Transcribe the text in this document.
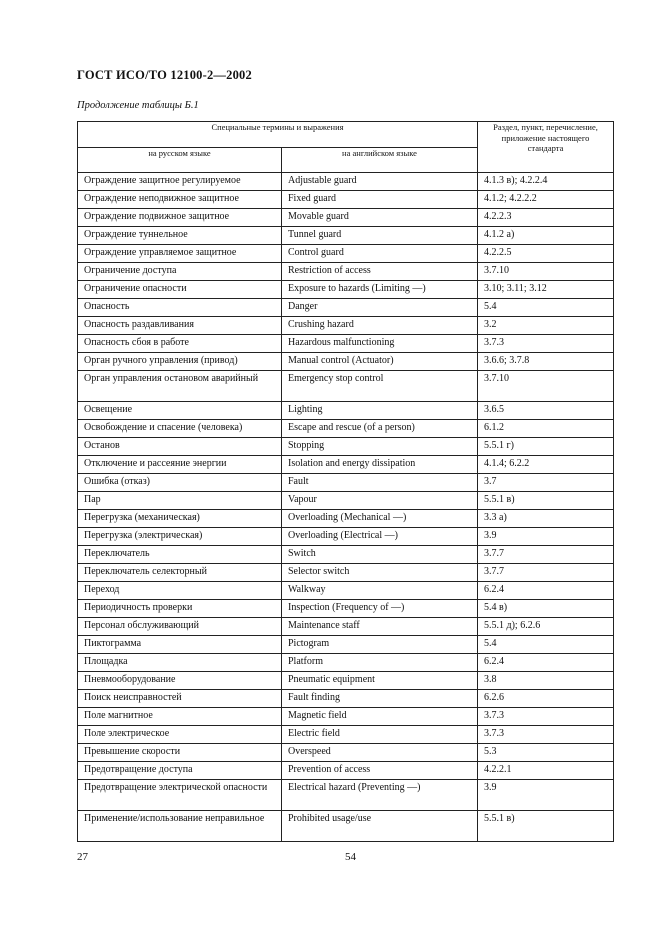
ГОСТ ИСО/ТО 12100-2—2002
Продолжение таблицы Б.1
Специальные термины и выражения		Раздел, пункт, перечисление, приложение настоящего стандарта
на русском языке	на английском языке	
Ограждение защитное регулируемое	Adjustable guard	4.1.3 в); 4.2.2.4
Ограждение неподвижное защитное	Fixed guard	4.1.2; 4.2.2.2
Ограждение подвижное защитное	Movable guard	4.2.2.3
Ограждение туннельное	Tunnel guard	4.1.2 а)
Ограждение управляемое защитное	Control guard	4.2.2.5
Ограничение доступа	Restriction of access	3.7.10
Ограничение опасности	Exposure to hazards (Limiting —)	3.10; 3.11; 3.12
Опасность	Danger	5.4
Опасность раздавливания	Crushing hazard	3.2
Опасность сбоя в работе	Hazardous malfunctioning	3.7.3
Орган ручного управления (привод)	Manual control (Actuator)	3.6.6; 3.7.8
Орган управления остановом аварийный	Emergency stop control	3.7.10
Освещение	Lighting	3.6.5
Освобождение и спасение (человека)	Escape and rescue (of a person)	6.1.2
Останов	Stopping	5.5.1 г)
Отключение и рассеяние энергии	Isolation and energy dissipation	4.1.4; 6.2.2
Ошибка (отказ)	Fault	3.7
Пар	Vapour	5.5.1 в)
Перегрузка (механическая)	Overloading (Mechanical —)	3.3 а)
Перегрузка (электрическая)	Overloading (Electrical —)	3.9
Переключатель	Switch	3.7.7
Переключатель селекторный	Selector switch	3.7.7
Переход	Walkway	6.2.4
Периодичность проверки	Inspection (Frequency of —)	5.4 в)
Персонал обслуживающий	Maintenance staff	5.5.1 д); 6.2.6
Пиктограмма	Pictogram	5.4
Площадка	Platform	6.2.4
Пневмооборудование	Pneumatic equipment	3.8
Поиск неисправностей	Fault finding	6.2.6
Поле магнитное	Magnetic field	3.7.3
Поле электрическое	Electric field	3.7.3
Превышение скорости	Overspeed	5.3
Предотвращение доступа	Prevention of access	4.2.2.1
Предотвращение электрической опасности	Electrical hazard (Preventing —)	3.9
Применение/использование неправильное	Prohibited usage/use	5.5.1 в)
27	54
